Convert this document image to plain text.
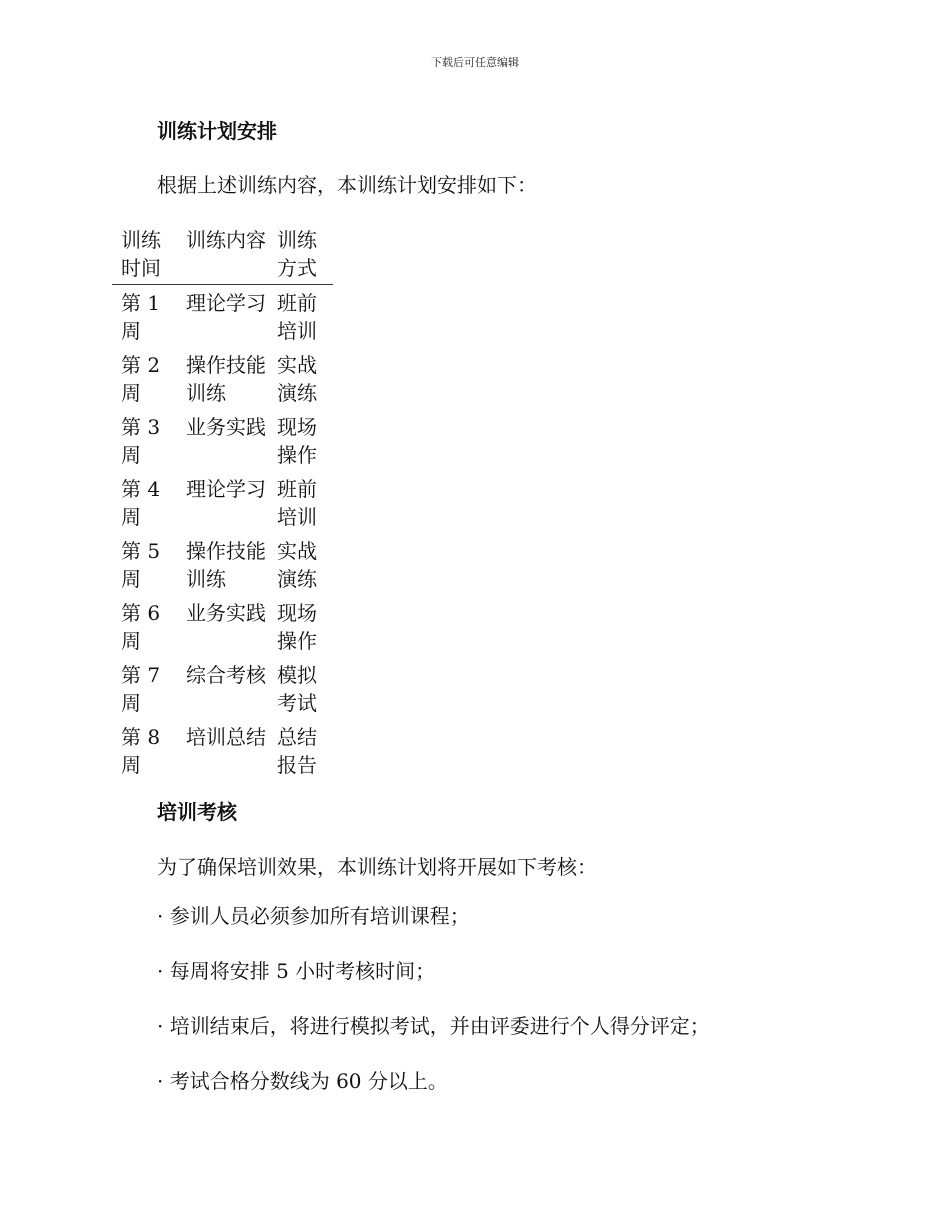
下载后可任意编辑
训练计划安排

根据上述训练内容，本训练计划安排如下：

训练时间	训练内容	训练方式

第 1 周	理论学习	班前培训
第 2 周	操作技能训练	实战演练
第 3 周	业务实践	现场操作
第 4 周	理论学习	班前培训
第 5 周	操作技能训练	实战演练
第 6 周	业务实践	现场操作
第 7 周	综合考核	模拟考试
第 8 周	培训总结	总结报告
培训考核

为了确保培训效果，本训练计划将开展如下考核：

· 参训人员必须参加所有培训课程；
· 每周将安排 5 小时考核时间；
· 培训结束后，将进行模拟考试，并由评委进行个人得分评定；
· 考试合格分数线为 60 分以上。
